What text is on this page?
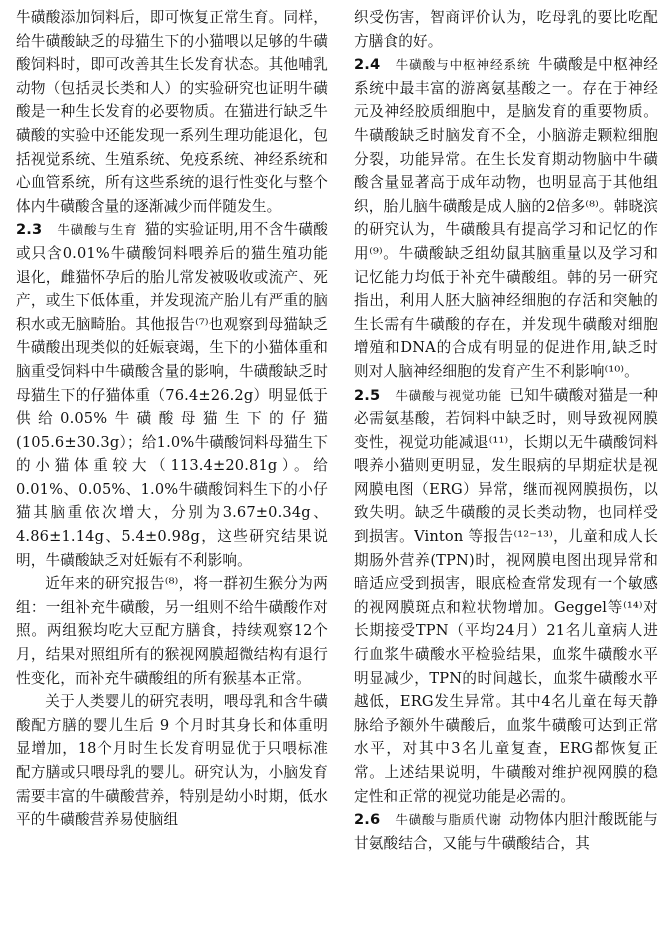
牛磺酸添加饲料后，即可恢复正常生育。同样，给牛磺酸缺乏的母猫生下的小猫喂以足够的牛磺酸饲料时，即可改善其生长发育状态。其他哺乳动物（包括灵长类和人）的实验研究也证明牛磺酸是一种生长发育的必要物质。在猫进行缺乏牛磺酸的实验中还能发现一系列生理功能退化，包括视觉系统、生殖系统、免疫系统、神经系统和心血管系统，所有这些系统的退行性变化与整个体内牛磺酸含量的逐渐减少而伴随发生。

2.3　 牛磺酸与生育 猫的实验证明,用不含牛磺酸或只含0.01%牛磺酸饲料喂养后的猫生殖功能退化，雌猫怀孕后的胎儿常发被吸收或流产、死产，或生下低体重，并发现流产胎儿有严重的脑积水或无脑畸胎。其他报告⁽⁷⁾也观察到母猫缺乏牛磺酸出现类似的妊娠衰竭，生下的小猫体重和脑重受饲料中牛磺酸含量的影响，牛磺酸缺乏时母猫生下的仔猫体重（76.4±26.2g）明显低于供给0.05%牛磺酸母猫生下的仔猫(105.6±30.3g）；给1.0%牛磺酸饲料母猫生下的小猫体重较大（113.4±20.81g）。给0.01%、0.05%、1.0%牛磺酸饲料生下的小仔猫其脑重依次增大，分别为3.67±0.34g、4.86±1.14g、5.4±0.98g，这些研究结果说明，牛磺酸缺乏对妊娠有不利影响。

近年来的研究报告⁽⁸⁾，将一群初生猴分为两组：一组补充牛磺酸，另一组则不给牛磺酸作对照。两组猴均吃大豆配方膳食，持续观察12个月，结果对照组所有的猴视网膜超微结构有退行性变化，而补充牛磺酸组的所有猴基本正常。

关于人类婴儿的研究表明，喂母乳和含牛磺酸配方膳的婴儿生后 9 个月时其身长和体重明显增加，18个月时生长发育明显优于只喂标准配方膳或只喂母乳的婴儿。研究认为，小脑发育需要丰富的牛磺酸营养，特别是幼小时期，低水平的牛磺酸营养易使脑组

织受伤害，智商评价认为，吃母乳的要比吃配方膳食的好。

2.4　 牛磺酸与中枢神经系统 牛磺酸是中枢神经系统中最丰富的游离氨基酸之一。存在于神经元及神经胶质细胞中，是脑发育的重要物质。牛磺酸缺乏时脑发育不全，小脑游走颗粒细胞分裂，功能异常。在生长发育期动物脑中牛磺酸含量显著高于成年动物，也明显高于其他组织，胎儿脑牛磺酸是成人脑的2倍多⁽⁸⁾。韩晓滨的研究认为，牛磺酸具有提高学习和记忆的作用⁽⁹⁾。牛磺酸缺乏组幼鼠其脑重量以及学习和记忆能力均低于补充牛磺酸组。韩的另一研究指出，利用人胚大脑神经细胞的存活和突触的生长需有牛磺酸的存在，并发现牛磺酸对细胞增殖和DNA的合成有明显的促进作用,缺乏时则对人脑神经细胞的发育产生不利影响⁽¹⁰⁾。

2.5　 牛磺酸与视觉功能 已知牛磺酸对猫是一种必需氨基酸，若饲料中缺乏时，则导致视网膜变性，视觉功能减退⁽¹¹⁾，长期以无牛磺酸饲料喂养小猫则更明显，发生眼病的早期症状是视网膜电图（ERG）异常，继而视网膜损伤，以致失明。缺乏牛磺酸的灵长类动物，也同样受到损害。Vinton 等报告⁽¹²⁻¹³⁾，儿童和成人长期肠外营养(TPN)时，视网膜电图出现异常和暗适应受到损害，眼底检查常发现有一个敏感的视网膜斑点和粒状物增加。Geggel等⁽¹⁴⁾对长期接受TPN（平均24月）21名儿童病人进行血浆牛磺酸水平检验结果，血浆牛磺酸水平明显减少，TPN的时间越长，血浆牛磺酸水平越低，ERG发生异常。其中4名儿童在每天静脉给予额外牛磺酸后，血浆牛磺酸可达到正常水平，对其中3名儿童复查，ERG都恢复正常。上述结果说明，牛磺酸对维护视网膜的稳定性和正常的视觉功能是必需的。

2.6　 牛磺酸与脂质代谢 动物体内胆汁酸既能与甘氨酸结合，又能与牛磺酸结合，其
